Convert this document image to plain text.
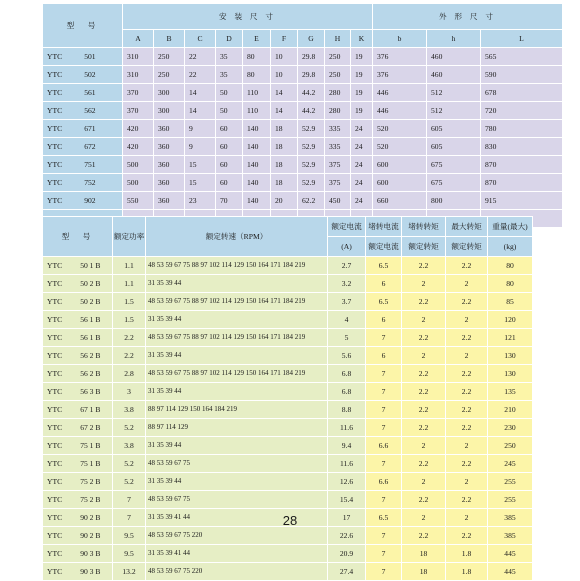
型　号	安 装 尺 寸									外 形 尺 寸		
	A	B	C	D	E	F	G	H	K	b	h	L
YTC 501	310	250	22	35	80	10	29.8	250	19	376	460	565
YTC 502	310	250	22	35	80	10	29.8	250	19	376	460	590
YTC 561	370	300	14	50	110	14	44.2	280	19	446	512	678
YTC 562	370	300	14	50	110	14	44.2	280	19	446	512	720
YTC 671	420	360	9	60	140	18	52.9	335	24	520	605	780
YTC 672	420	360	9	60	140	18	52.9	335	24	520	605	830
YTC 751	500	360	15	60	140	18	52.9	375	24	600	675	870
YTC 752	500	360	15	60	140	18	52.9	375	24	600	675	870
YTC 902	550	360	23	70	140	20	62.2	450	24	660	800	915

型　号	额定功率	额定转速（RPM）	额定电流	堵转电流	堵转转矩	最大转矩	重量(最大)
			(A)	额定电流	额定转矩	额定转矩	(kg)
YTC 50 1 B	1.1	48 53 59 67 75 88 97 102 114 129 150 164 171 184 219	2.7	6.5	2.2	2.2	80
YTC 50 2 B	1.1	31 35 39 44	3.2	6	2	2	80
YTC 50 2 B	1.5	48 53 59 67 75 88 97 102 114 129 150 164 171 184 219	3.7	6.5	2.2	2.2	85
YTC 56 1 B	1.5	31 35 39 44	4	6	2	2	120
YTC 56 1 B	2.2	48 53 59 67 75 88 97 102 114 129 150 164 171 184 219	5	7	2.2	2.2	121
YTC 56 2 B	2.2	31 35 39 44	5.6	6	2	2	130
YTC 56 2 B	2.8	48 53 59 67 75 88 97 102 114 129 150 164 171 184 219	6.8	7	2.2	2.2	130
YTC 56 3 B	3	31 35 39 44	6.8	7	2.2	2.2	135
YTC 67 1 B	3.8	88 97 114 129 150 164 184 219	8.8	7	2.2	2.2	210
YTC 67 2 B	5.2	88 97 114 129	11.6	7	2.2	2.2	230
YTC 75 1 B	3.8	31 35 39 44	9.4	6.6	2	2	250
YTC 75 1 B	5.2	48 53 59 67 75	11.6	7	2.2	2.2	245
YTC 75 2 B	5.2	31 35 39 44	12.6	6.6	2	2	255
YTC 75 2 B	7	48 53 59 67 75	15.4	7	2.2	2.2	255
YTC 90 2 B	7	31 35 39 41 44	17	6.5	2	2	385
YTC 90 2 B	9.5	48 53 59 67 75 220	22.6	7	2.2	2.2	385
YTC 90 3 B	9.5	31 35 39 41 44	20.9	7	18	1.8	445
YTC 90 3 B	13.2	48 53 59 67 75 220	27.4	7	18	1.8	445
28
